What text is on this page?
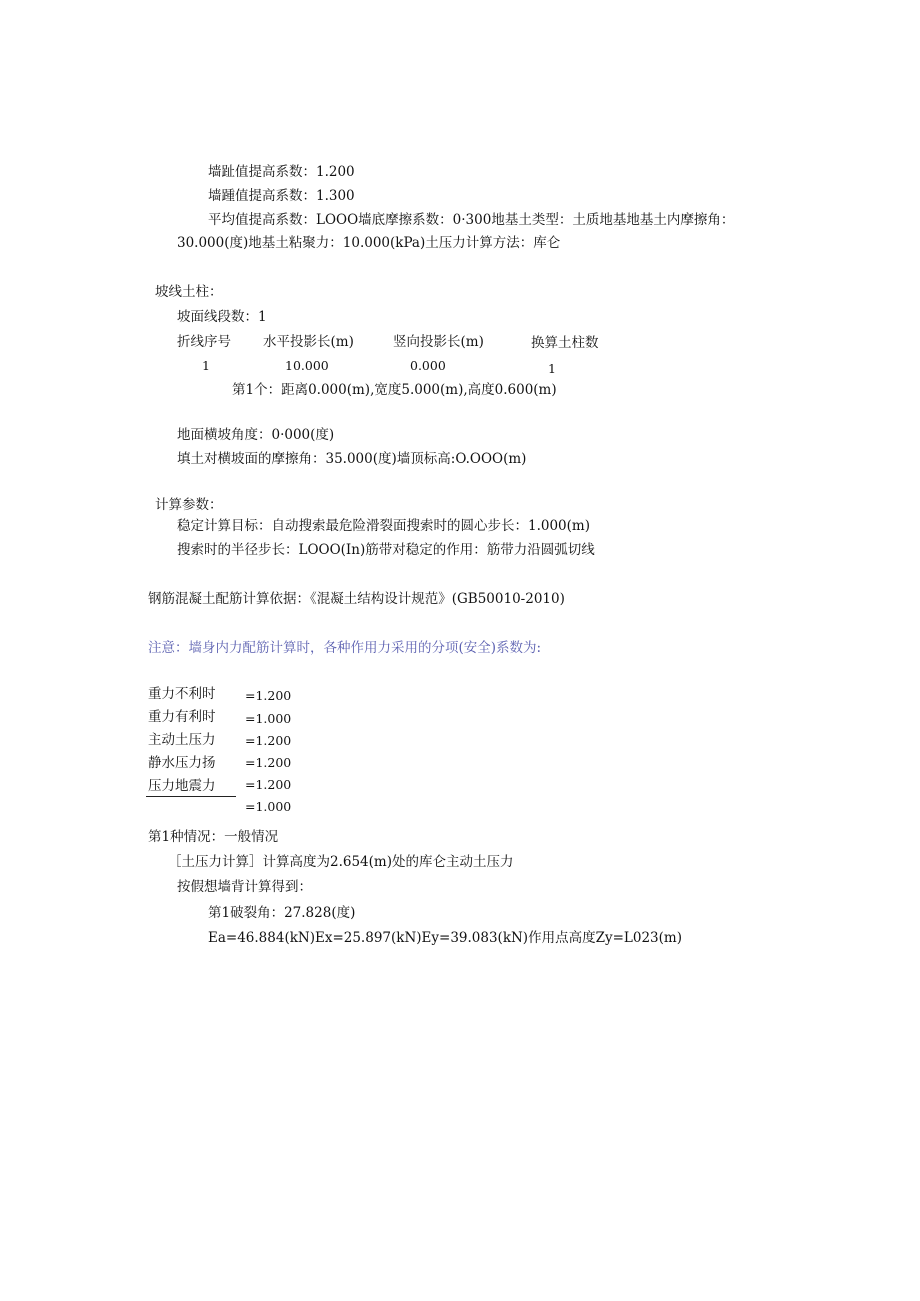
墙趾值提高系数：1.200
墙踵值提高系数：1.300
平均值提高系数：LOOO墙底摩擦系数：0·300地基土类型：土质地基地基土内摩擦角：
30.000(度)地基土粘聚力：10.000(kPa)土压力计算方法：库仑
坡线土柱：
坡面线段数：1
折线序号 水平投影长(m)	竖向投影长(m)	换算土柱数
1	10.000	0.000	1
第1个：距离0.000(m),宽度5.000(m),高度0.600(m)
地面横坡角度：0·000(度)
填土对横坡面的摩擦角：35.000(度)墙顶标高:O.OOO(m)
计算参数：
稳定计算目标：自动搜索最危险滑裂面搜索时的圆心步长：1.000(m)
搜索时的半径步长：LOOO(In)筋带对稳定的作用：筋带力沿圆弧切线
钢筋混凝土配筋计算依据：《混凝土结构设计规范》(GB50010-2010)
注意：墙身内力配筋计算时，各种作用力采用的分项(安全)系数为:
重力不利时 =1.200
重力有利时 =1.000
主动土压力 =1.200
静水压力扬 =1.200
压力地震力 =1.200
=1.000
第1种情况：一般情况
［土压力计算］计算高度为2.654(m)处的库仑主动土压力
按假想墙背计算得到：
第1破裂角：27.828(度)
Ea=46.884(kN)Ex=25.897(kN)Ey=39.083(kN)作用点高度Zy=L023(m)
